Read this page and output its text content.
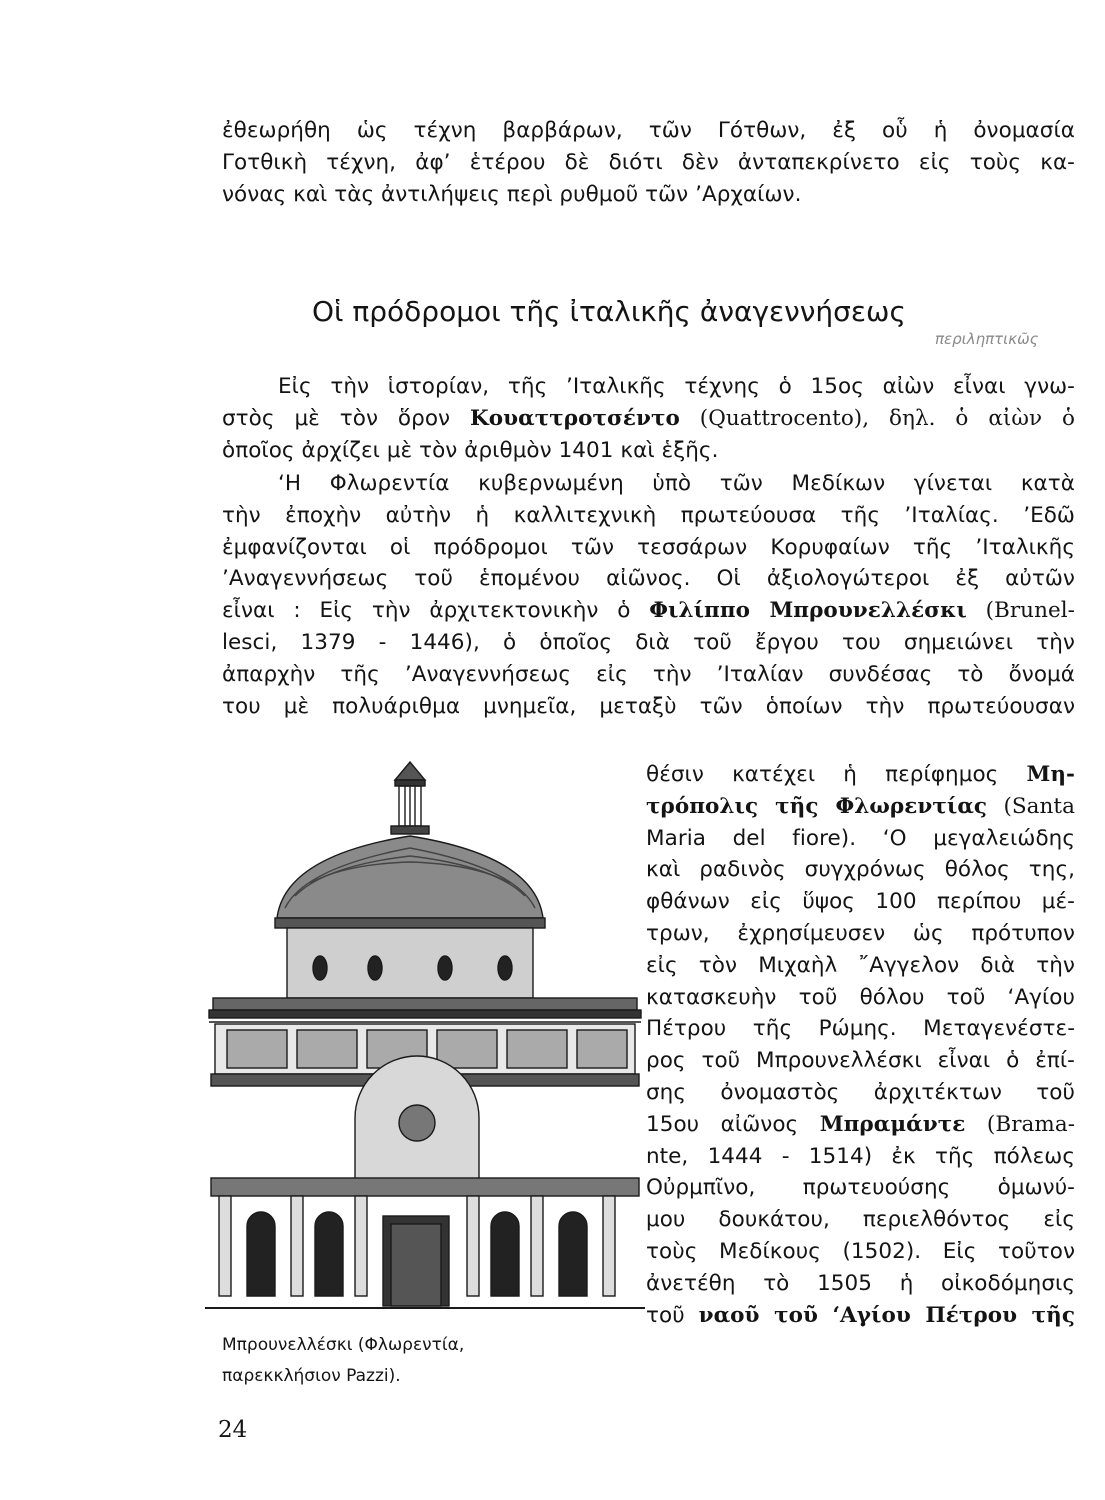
ἐθεωρήθη ὡς τέχνη βαρβάρων, τῶν Γότθων, ἐξ οὗ ἡ ὀνομασία
Γοτθικὴ τέχνη, ἀφ’ ἑτέρου δὲ διότι δὲν ἀνταπεκρίνετο εἰς τοὺς κα-
νόνας καὶ τὰς ἀντιλήψεις περὶ ρυθμοῦ τῶν ’Αρχαίων.
Οἱ πρόδρομοι τῆς ἰταλικῆς ἀναγεννήσεως
περιληπτικῶς
Εἰς τὴν ἱστορίαν, τῆς ’Ιταλικῆς τέχνης ὁ 15ος αἰὼν εἶναι γνω-
στὸς μὲ τὸν ὅρον Κουαττροτσέντο (Quattrocento), δηλ. ὁ αἰὼν ὁ
ὁποῖος ἀρχίζει μὲ τὸν ἀριθμὸν 1401 καὶ ἑξῆς.
‘Η Φλωρεντία κυβερνωμένη ὑπὸ τῶν Μεδίκων γίνεται κατὰ
τὴν ἐποχὴν αὐτὴν ἡ καλλιτεχνικὴ πρωτεύουσα τῆς ’Ιταλίας. ’Εδῶ
ἐμφανίζονται οἱ πρόδρομοι τῶν τεσσάρων Κορυφαίων τῆς ’Ιταλικῆς
’Αναγεννήσεως τοῦ ἑπομένου αἰῶνος. Οἱ ἀξιολογώτεροι ἐξ αὐτῶν
εἶναι : Εἰς τὴν ἀρχιτεκτονικὴν ὁ Φιλίππο Μπρουνελλέσκι (Brunel-
lesci, 1379 - 1446), ὁ ὁποῖος διὰ τοῦ ἔργου του σημειώνει τὴν
ἀπαρχὴν τῆς ’Αναγεννήσεως εἰς τὴν ’Ιταλίαν συνδέσας τὸ ὄνομά
του μὲ πολυάριθμα μνημεῖα, μεταξὺ τῶν ὁποίων τὴν πρωτεύουσαν
θέσιν κατέχει ἡ περίφημος Μη-
τρόπολις τῆς Φλωρεντίας (Santa
Maria del fiore). ‘Ο μεγαλειώδης
καὶ ραδινὸς συγχρόνως θόλος της,
φθάνων εἰς ὕψος 100 περίπου μέ-
τρων, ἐχρησίμευσεν ὡς πρότυπον
εἰς τὸν Μιχαὴλ ῎Αγγελον διὰ τὴν
κατασκευὴν τοῦ θόλου τοῦ ‘Αγίου
Πέτρου τῆς Ρώμης. Μεταγενέστε-
ρος τοῦ Μπρουνελλέσκι εἶναι ὁ ἐπί-
σης ὀνομαστὸς ἀρχιτέκτων τοῦ
15ου αἰῶνος Μπραμάντε (Brama-
nte, 1444 - 1514) ἐκ τῆς πόλεως
Οὐρμπῖνο, πρωτευούσης ὁμωνύ-
μου δουκάτου, περιελθόντος εἰς
τοὺς Μεδίκους (1502). Εἰς τοῦτον
ἀνετέθη τὸ 1505 ἡ οἰκοδόμησις
τοῦ ναοῦ τοῦ ‘Αγίου Πέτρου τῆς
Μπρουνελλέσκι (Φλωρεντία,
παρεκκλήσιον Pazzi).
24
